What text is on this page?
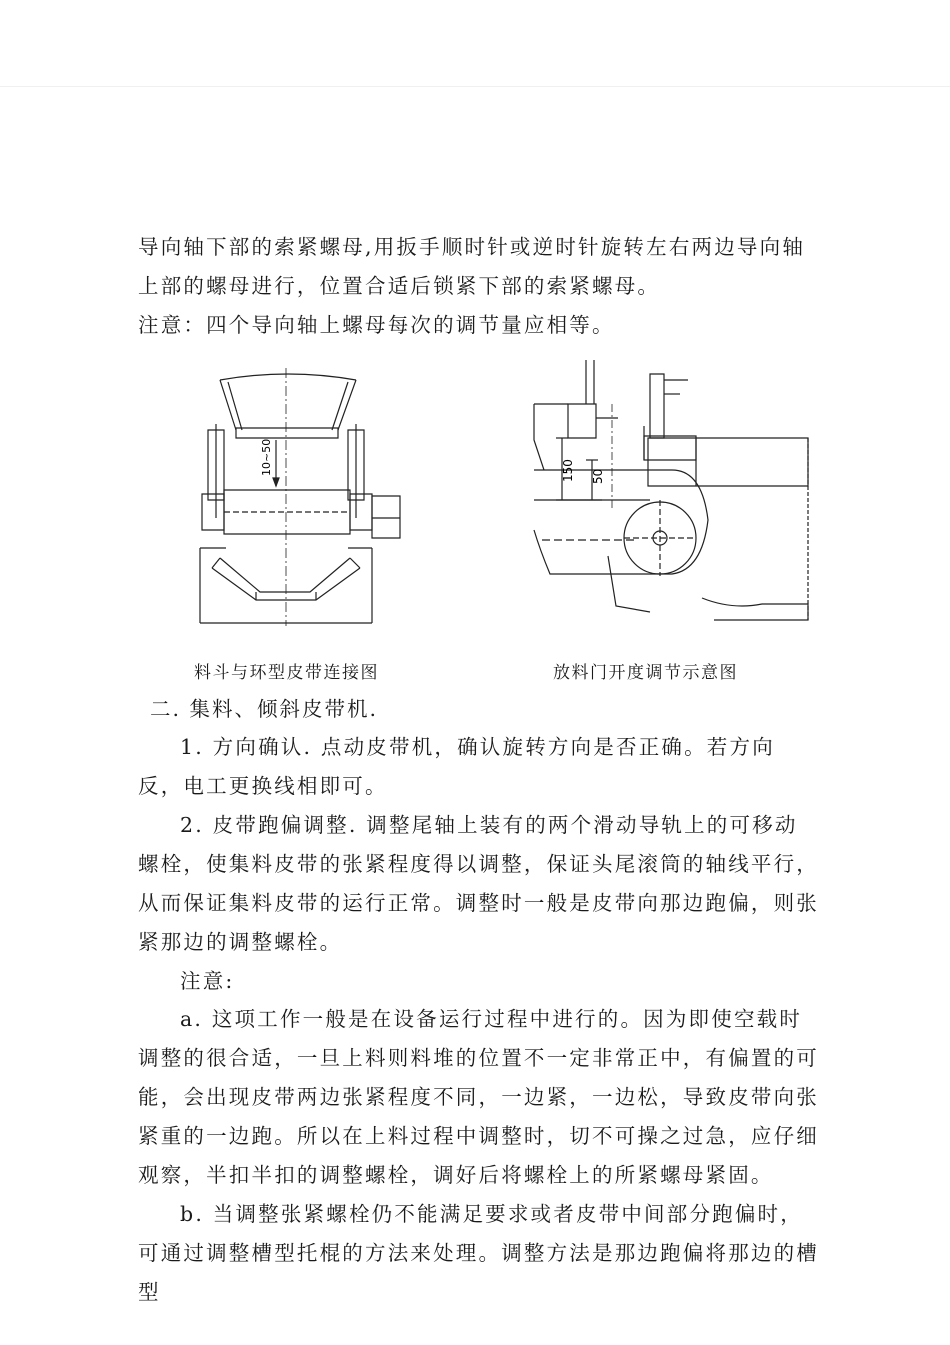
导向轴下部的索紧螺母,用扳手顺时针或逆时针旋转左右两边导向轴上部的螺母进行，位置合适后锁紧下部的索紧螺母。

注意：四个导向轴上螺母每次的调节量应相等。

10~50
料斗与环型皮带连接图
150 50
放料门开度调节示意图
二. 集料、倾斜皮带机.

1. 方向确认. 点动皮带机，确认旋转方向是否正确。若方向反，电工更换线相即可。

2. 皮带跑偏调整. 调整尾轴上装有的两个滑动导轨上的可移动螺栓，使集料皮带的张紧程度得以调整，保证头尾滚筒的轴线平行，从而保证集料皮带的运行正常。调整时一般是皮带向那边跑偏，则张紧那边的调整螺栓。

注意:

a. 这项工作一般是在设备运行过程中进行的。因为即使空载时调整的很合适，一旦上料则料堆的位置不一定非常正中，有偏置的可能，会出现皮带两边张紧程度不同，一边紧，一边松，导致皮带向张紧重的一边跑。所以在上料过程中调整时，切不可操之过急，应仔细观察，半扣半扣的调整螺栓，调好后将螺栓上的所紧螺母紧固。

b. 当调整张紧螺栓仍不能满足要求或者皮带中间部分跑偏时，可通过调整槽型托棍的方法来处理。调整方法是那边跑偏将那边的槽型
